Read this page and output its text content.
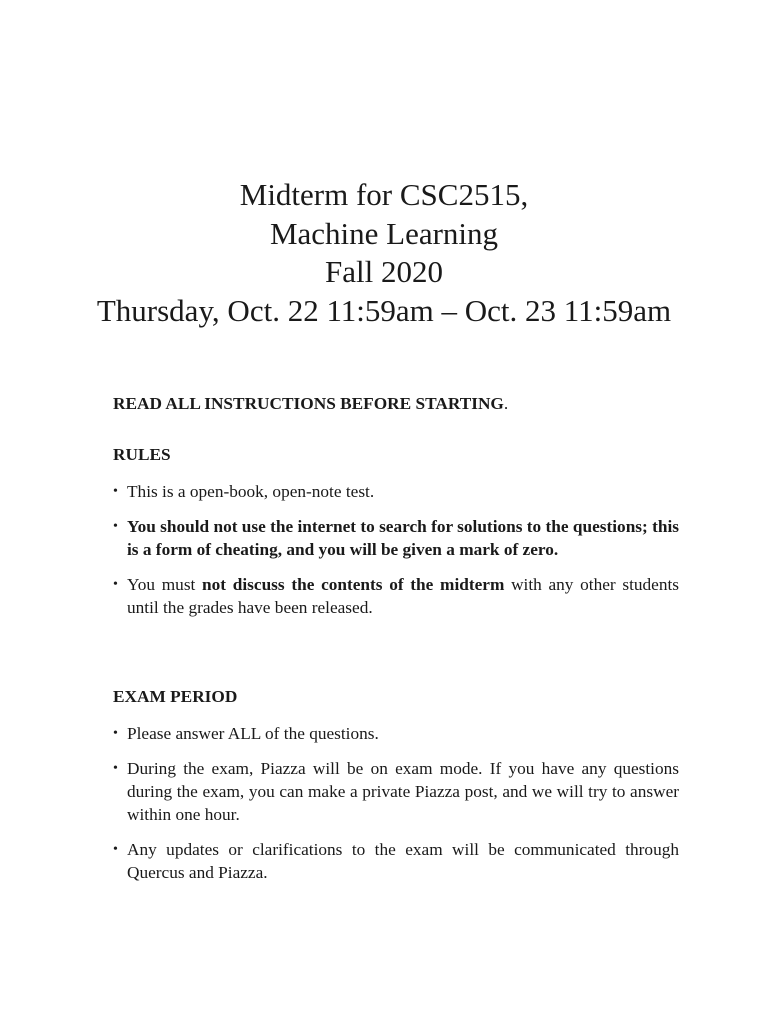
Midterm for CSC2515,
Machine Learning
Fall 2020
Thursday, Oct. 22 11:59am – Oct. 23 11:59am
READ ALL INSTRUCTIONS BEFORE STARTING.
RULES
• This is a open-book, open-note test.
• You should not use the internet to search for solutions to the questions; this is a form of cheating, and you will be given a mark of zero.
• You must not discuss the contents of the midterm with any other students until the grades have been released.
EXAM PERIOD
• Please answer ALL of the questions.
• During the exam, Piazza will be on exam mode. If you have any questions during the exam, you can make a private Piazza post, and we will try to answer within one hour.
• Any updates or clarifications to the exam will be communicated through Quercus and Piazza.
